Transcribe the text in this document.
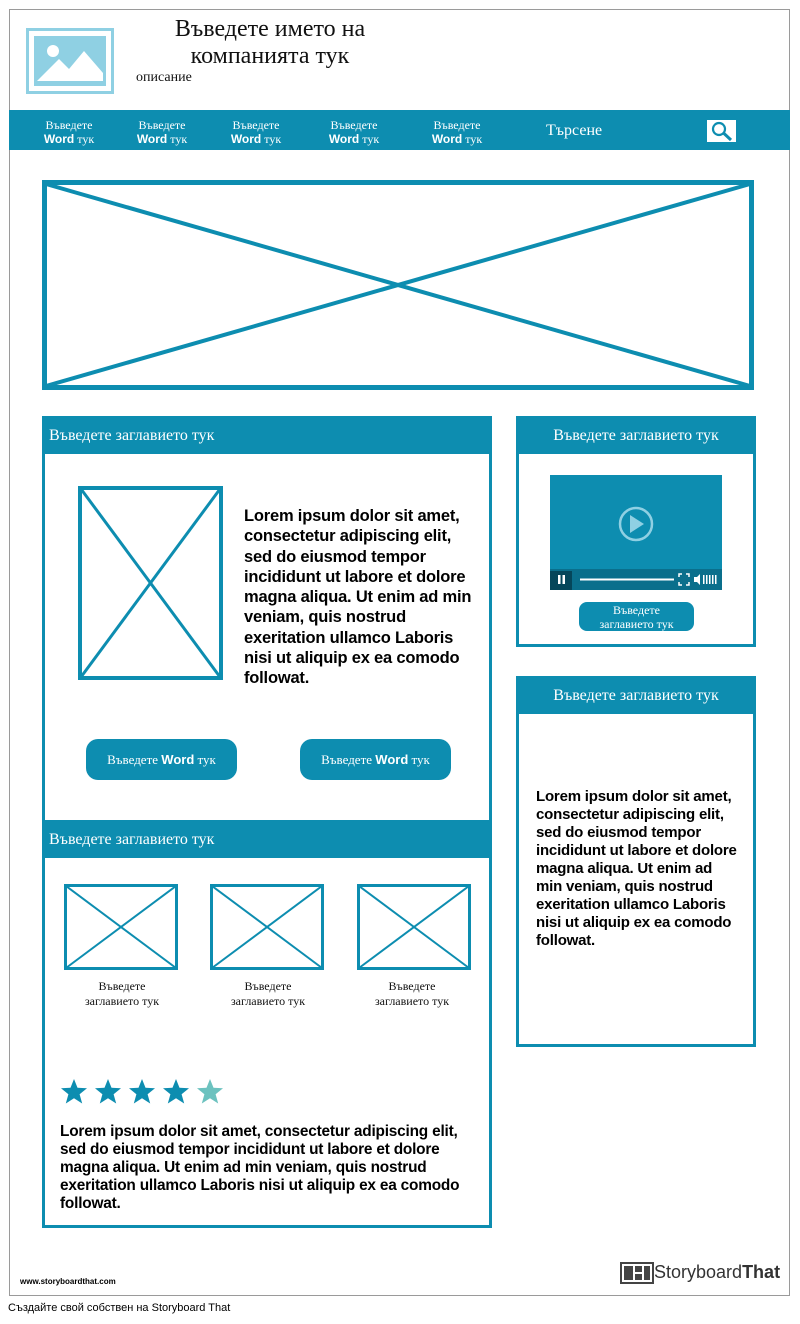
Въведете името на компанията тук
описание
Въведете
Word тук
Въведете
Word тук
Въведете
Word тук
Въведете
Word тук
Въведете
Word тук	Търсене
Въведете заглавието тук
Lorem ipsum dolor sit amet, consectetur adipiscing elit, sed do eiusmod tempor incididunt ut labore et dolore magna aliqua. Ut enim ad min veniam, quis nostrud exeritation ullamco Laboris nisi ut aliquip ex ea comodo followat.
Въведете Word тук	Въведете Word тук
Въведете заглавието тук
Въведете
заглавието тук
Въведете
заглавието тук
Въведете
заглавието тук
Lorem ipsum dolor sit amet, consectetur adipiscing elit, sed do eiusmod tempor incididunt ut labore et dolore magna aliqua. Ut enim ad min veniam, quis nostrud exeritation ullamco Laboris nisi ut aliquip ex ea comodo followat.
Въведете заглавието тук
Въведете
заглавието тук
Въведете заглавието тук
Lorem ipsum dolor sit amet, consectetur adipiscing elit, sed do eiusmod tempor incididunt ut labore et dolore magna aliqua. Ut enim ad min veniam, quis nostrud exeritation ullamco Laboris nisi ut aliquip ex ea comodo followat.
www.storyboardthat.com	StoryboardThat
Създайте свой собствен на Storyboard That
